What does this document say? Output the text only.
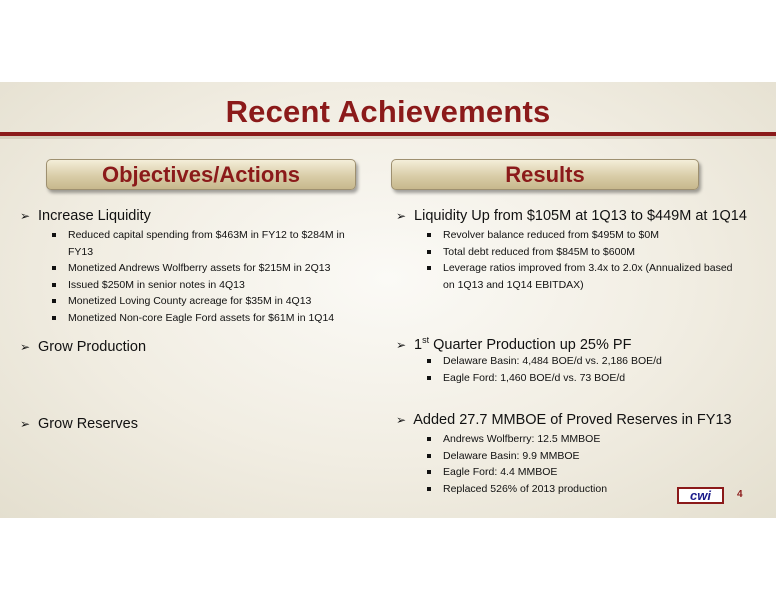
Recent Achievements
Objectives/Actions	Results
➢ Increase Liquidity
Reduced capital spending from $463M in FY12 to $284M in
FY13
Monetized Andrews Wolfberry assets for $215M in 2Q13
Issued $250M in senior notes in 4Q13
Monetized Loving County acreage for $35M in 4Q13
Monetized Non-core Eagle Ford assets for $61M in 1Q14
➢ Grow Production
➢ Grow Reserves
➢ Liquidity Up from $105M at 1Q13 to $449M at 1Q14
Revolver balance reduced from $495M to $0M
Total debt reduced from $845M to $600M
Leverage ratios improved from 3.4x to 2.0x (Annualized based
on 1Q13 and 1Q14 EBITDAX)
➢ 1st Quarter Production up 25% PF
Delaware Basin: 4,484 BOE/d vs. 2,186 BOE/d
Eagle Ford: 1,460 BOE/d vs. 73 BOE/d
➢ Added 27.7 MMBOE of Proved Reserves in FY13
Andrews Wolfberry: 12.5 MMBOE
Delaware Basin: 9.9 MMBOE
Eagle Ford: 4.4 MMBOE
Replaced 526% of 2013 production	cwi	4
